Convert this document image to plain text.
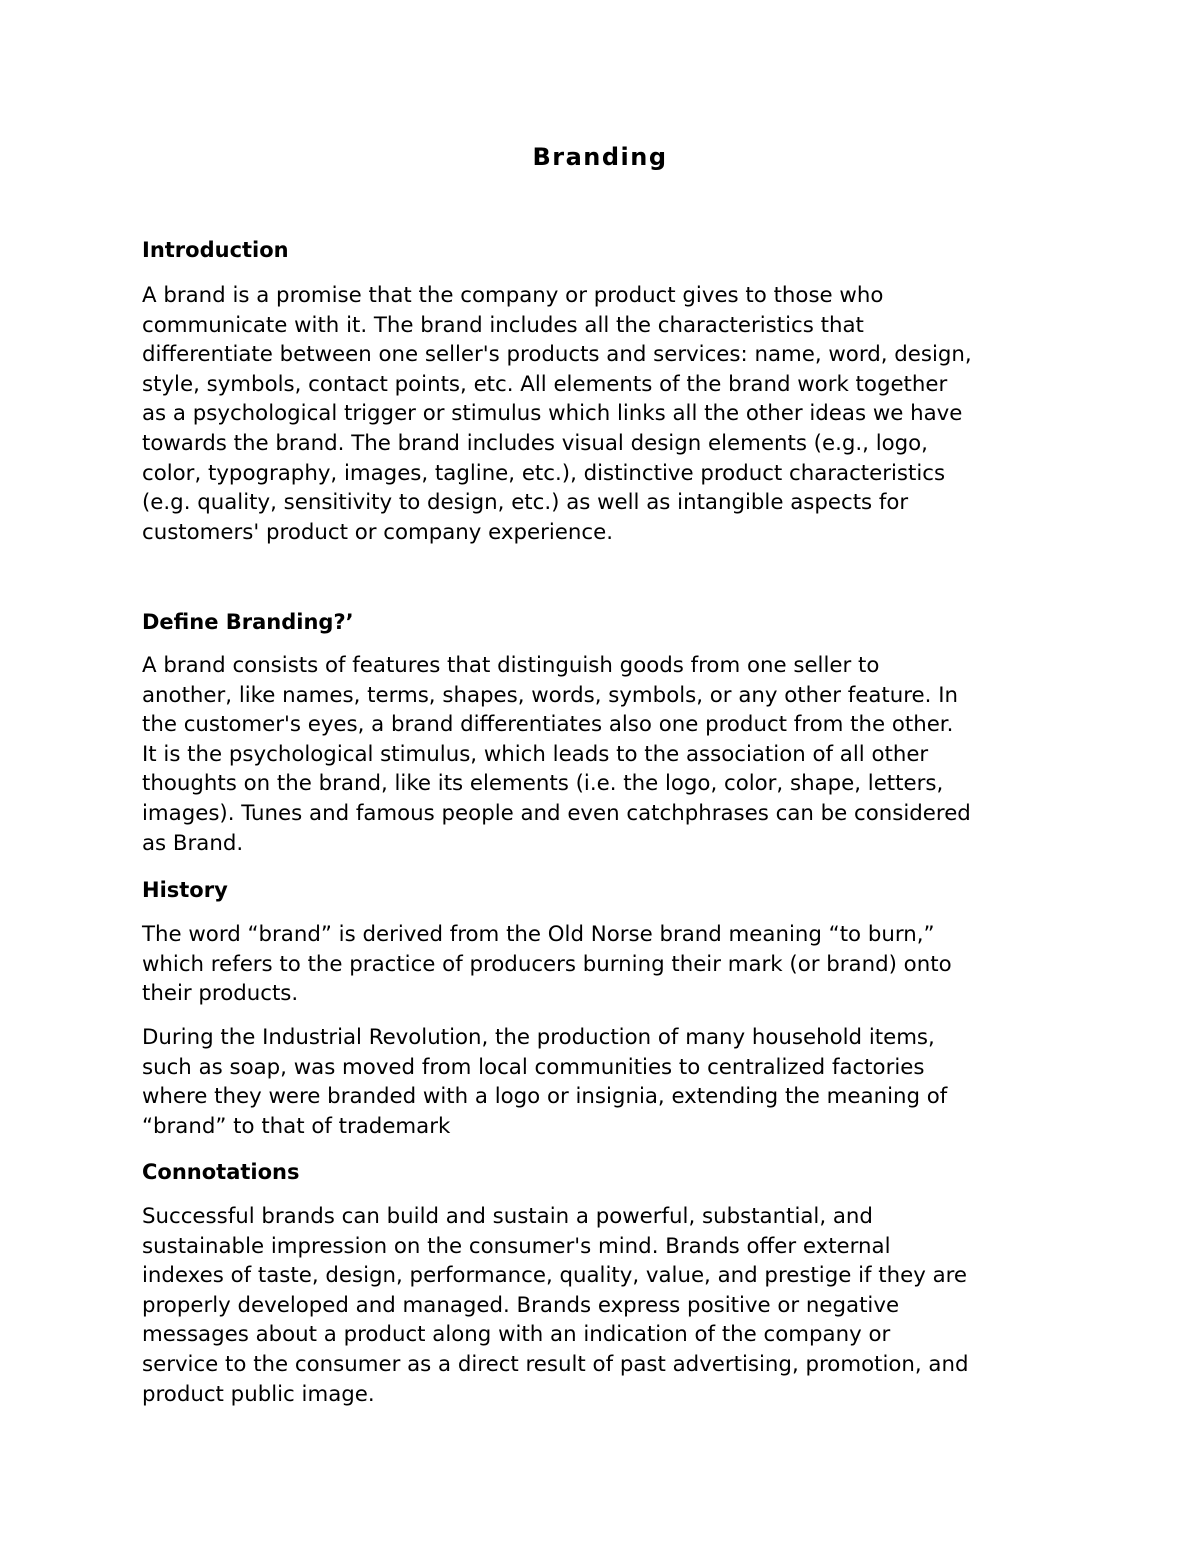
Branding
Introduction

A brand is a promise that the company or product gives to those who
communicate with it. The brand includes all the characteristics that
differentiate between one seller's products and services: name, word, design,
style, symbols, contact points, etc. All elements of the brand work together
as a psychological trigger or stimulus which links all the other ideas we have
towards the brand. The brand includes visual design elements (e.g., logo,
color, typography, images, tagline, etc.), distinctive product characteristics
(e.g. quality, sensitivity to design, etc.) as well as intangible aspects for
customers' product or company experience.

Define Branding?’

A brand consists of features that distinguish goods from one seller to
another, like names, terms, shapes, words, symbols, or any other feature. In
the customer's eyes, a brand differentiates also one product from the other.
It is the psychological stimulus, which leads to the association of all other
thoughts on the brand, like its elements (i.e. the logo, color, shape, letters,
images). Tunes and famous people and even catchphrases can be considered
as Brand.

History

The word “brand” is derived from the Old Norse brand meaning “to burn,”
which refers to the practice of producers burning their mark (or brand) onto
their products.

During the Industrial Revolution, the production of many household items,
such as soap, was moved from local communities to centralized factories
where they were branded with a logo or insignia, extending the meaning of
“brand” to that of trademark

Connotations

Successful brands can build and sustain a powerful, substantial, and
sustainable impression on the consumer's mind. Brands offer external
indexes of taste, design, performance, quality, value, and prestige if they are
properly developed and managed. Brands express positive or negative
messages about a product along with an indication of the company or
service to the consumer as a direct result of past advertising, promotion, and
product public image.
